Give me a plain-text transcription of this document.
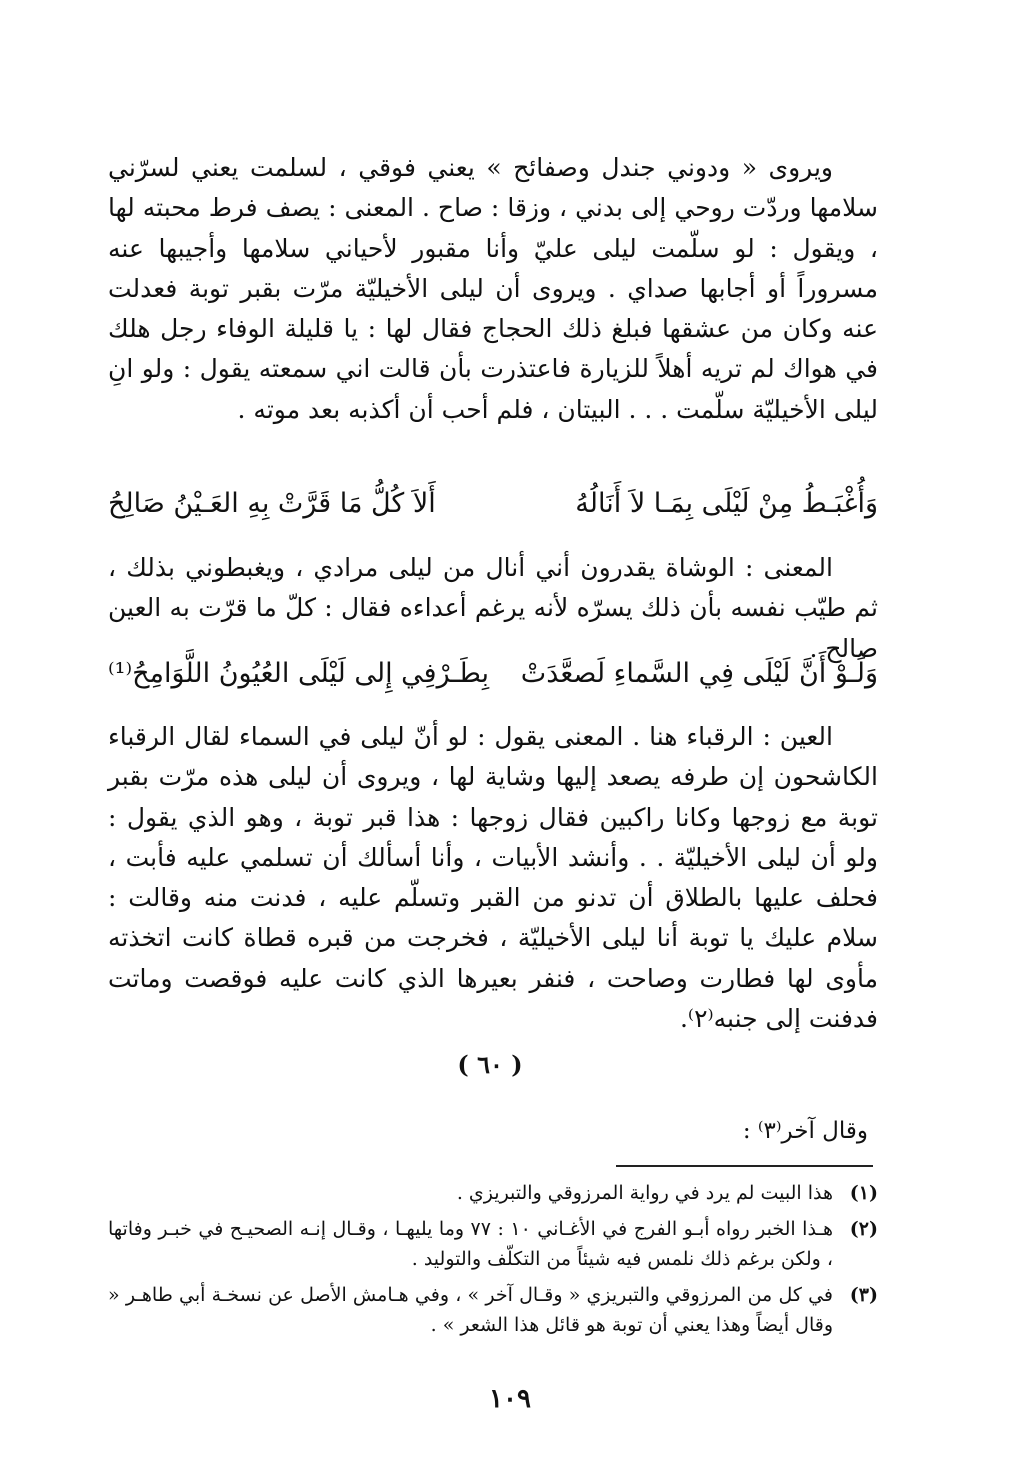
ويروى « ودوني جندل وصفائح » يعني فوقي ، لسلمت يعني لسرّني سلامها وردّت روحي إلى بدني ، وزقا : صاح . المعنى : يصف فرط محبته لها ، ويقول : لو سلّمت ليلى عليّ وأنا مقبور لأحياني سلامها وأجيبها عنه مسروراً أو أجابها صداي . ويروى أن ليلى الأخيليّة مرّت بقبر توبة فعدلت عنه وكان من عشقها فبلغ ذلك الحجاج فقال لها : يا قليلة الوفاء رجل هلك في هواك لم تريه أهلاً للزيارة فاعتذرت بأن قالت اني سمعته يقول : ولو انِ ليلى الأخيليّة سلّمت . . . البيتان ، فلم أحب أن أكذبه بعد موته .

وَأُغْبَـطُ مِنْ لَيْلَى بِمَـا لاَ أَنَالُهُ
أَلاَ كُلُّ مَا قَرَّتْ بِهِ العَـيْنُ صَالِحُ

المعنى : الوشاة يقدرون أني أنال من ليلى مرادي ، ويغبطوني بذلك ، ثم طيّب نفسه بأن ذلك يسرّه لأنه يرغم أعداءه فقال : كلّ ما قرّت به العين صالح .

وَلَـوْ أَنَّ لَيْلَى فِي السَّماءِ لَصعَّدَتْ
بِطَـرْفِي إِلى لَيْلَى العُيُونُ اللَّوَامِحُ⁽¹⁾

العين : الرقباء هنا . المعنى يقول : لو أنّ ليلى في السماء لقال الرقباء الكاشحون إن طرفه يصعد إليها وشاية لها ، ويروى أن ليلى هذه مرّت بقبر توبة مع زوجها وكانا راكبين فقال زوجها : هذا قبر توبة ، وهو الذي يقول : ولو أن ليلى الأخيليّة . . وأنشد الأبيات ، وأنا أسألك أن تسلمي عليه فأبت ، فحلف عليها بالطلاق أن تدنو من القبر وتسلّم عليه ، فدنت منه وقالت : سلام عليك يا توبة أنا ليلى الأخيليّة ، فخرجت من قبره قطاة كانت اتخذته مأوى لها فطارت وصاحت ، فنفر بعيرها الذي كانت عليه فوقصت وماتت فدفنت إلى جنبه⁽٢⁾.

( ٦٠ )
وقال آخر⁽٣⁾ :
(١)
هذا البيت لم يرد في رواية المرزوقي والتبريزي .
(٢)
هـذا الخبر رواه أبـو الفرج في الأغـاني ١٠ : ٧٧ وما يليهـا ، وقـال إنـه الصحيـح في خبـر وفاتها ، ولكن برغم ذلك نلمس فيه شيئاً من التكلّف والتوليد .
(٣)
في كل من المرزوقي والتبريزي « وقـال آخر » ، وفي هـامش الأصل عن نسخـة أبي طاهـر « وقال أيضاً وهذا يعني أن توبة هو قائل هذا الشعر » .
١٠٩
